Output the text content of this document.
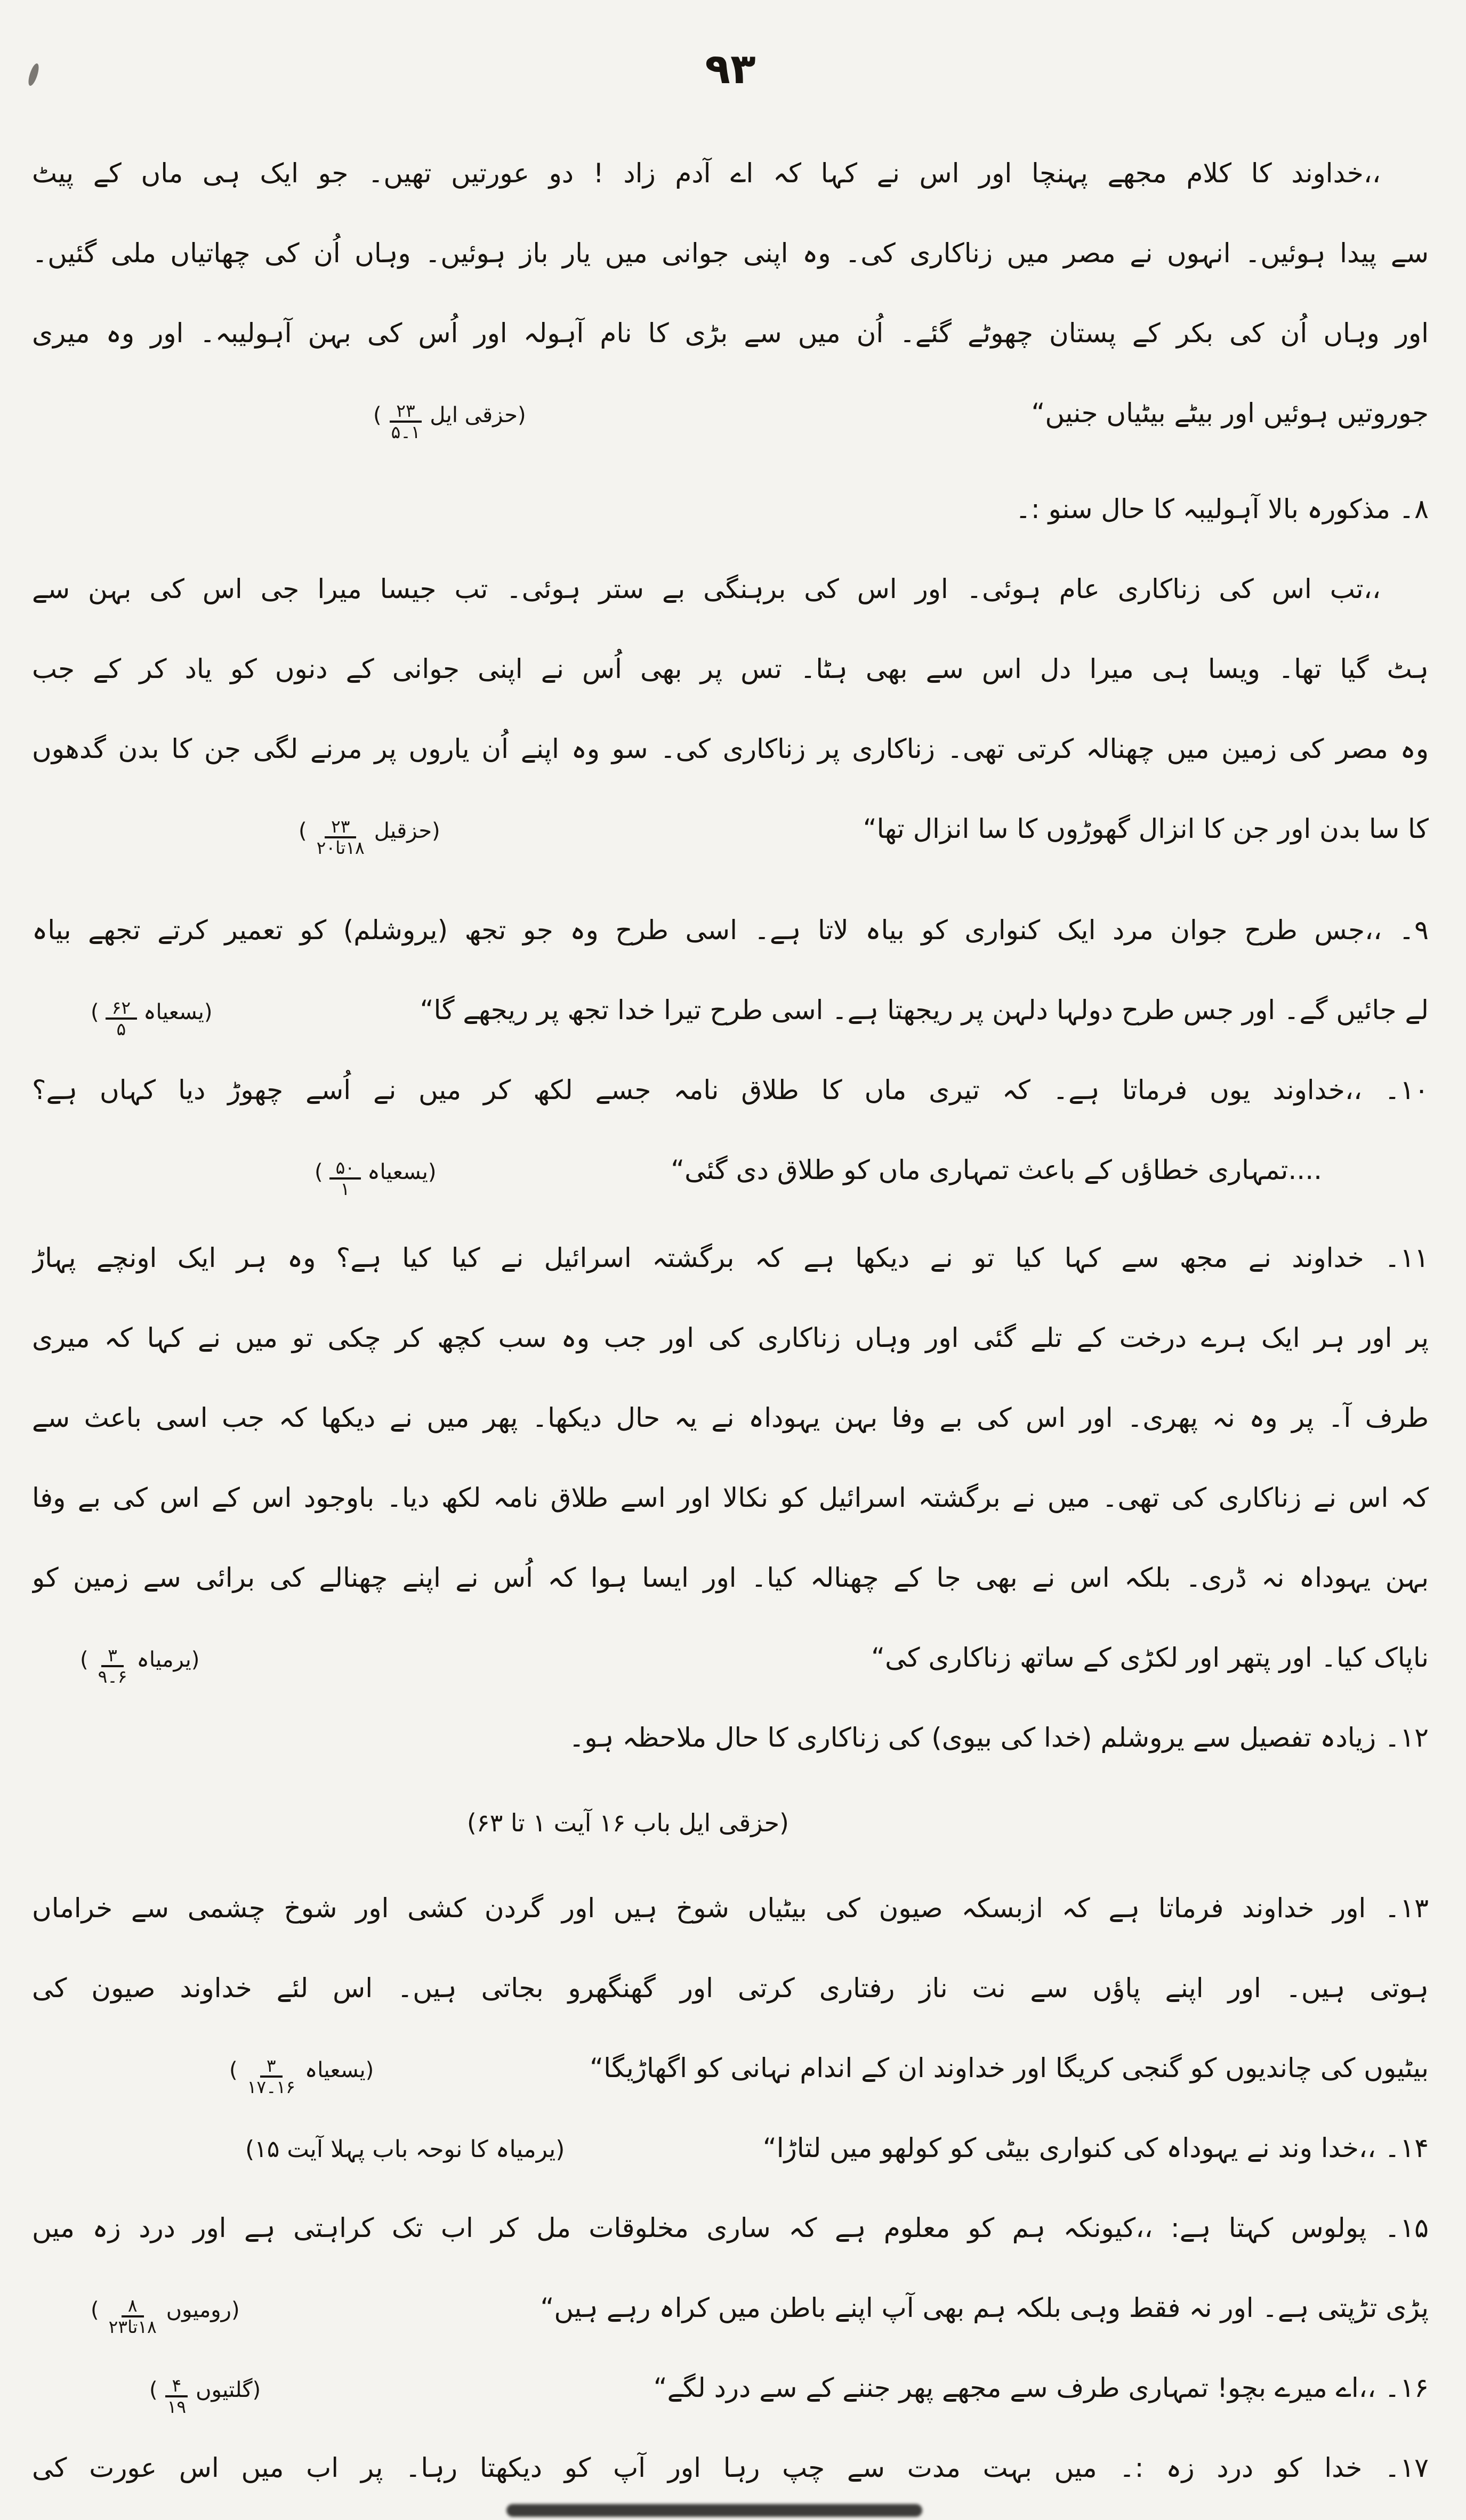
۹۳
،،خداوند کا کلام مجھے پہنچا اور اس نے کہا کہ اے آدم زاد ! دو عورتیں تھیں۔ جو ایک ہی ماں کے پیٹ
سے پیدا ہوئیں۔ انہوں نے مصر میں زناکاری کی۔ وہ اپنی جوانی میں یار باز ہوئیں۔ وہاں اُن کی چھاتیاں ملی گئیں۔
اور وہاں اُن کی بکر کے پستان چھوٹے گئے۔ اُن میں سے بڑی کا نام آہولہ اور اُس کی بہن آہولیبہ۔ اور وہ میری
جوروتیں ہوئیں اور بیٹے بیٹیاں جنیں“
(حزقی ایل
$\frac{۲۳}{۱۔۵}$
)
۸۔ مذکورہ بالا آہولیبہ کا حال سنو :۔
،،تب اس کی زناکاری عام ہوئی۔ اور اس کی برہنگی بے ستر ہوئی۔ تب جیسا میرا جی اس کی بہن سے
ہٹ گیا تھا۔ ویسا ہی میرا دل اس سے بھی ہٹا۔ تس پر بھی اُس نے اپنی جوانی کے دنوں کو یاد کر کے جب
وہ مصر کی زمین میں چھنالہ کرتی تھی۔ زناکاری پر زناکاری کی۔ سو وہ اپنے اُن یاروں پر مرنے لگی جن کا بدن گدھوں
کا سا بدن اور جن کا انزال گھوڑوں کا سا انزال تھا“
(حزقیل
$\frac{۲۳}{\text{۱۸تا۲۰}}$
)
۹۔ ،،جس طرح جوان مرد ایک کنواری کو بیاہ لاتا ہے۔ اسی طرح وہ جو تجھ (یروشلم) کو تعمیر کرتے تجھے بیاہ
لے جائیں گے۔ اور جس طرح دولہا دلہن پر ریجھتا ہے۔ اسی طرح تیرا خدا تجھ پر ریجھے گا“
(یسعیاہ
$\frac{۶۲}{۵}$
)
۱۰۔ ،،خداوند یوں فرماتا ہے۔ کہ تیری ماں کا طلاق نامہ جسے لکھ کر میں نے اُسے چھوڑ دیا کہاں ہے؟
....تمہاری خطاؤں کے باعث تمہاری ماں کو طلاق دی گئی“
(یسعیاہ
$\frac{۵۰}{۱}$
)
۱۱۔ خداوند نے مجھ سے کہا کیا تو نے دیکھا ہے کہ برگشتہ اسرائیل نے کیا کیا ہے؟ وہ ہر ایک اونچے پہاڑ
پر اور ہر ایک ہرے درخت کے تلے گئی اور وہاں زناکاری کی اور جب وہ سب کچھ کر چکی تو میں نے کہا کہ میری
طرف آ۔ پر وہ نہ پھری۔ اور اس کی بے وفا بہن یہوداہ نے یہ حال دیکھا۔ پھر میں نے دیکھا کہ جب اسی باعث سے
کہ اس نے زناکاری کی تھی۔ میں نے برگشتہ اسرائیل کو نکالا اور اسے طلاق نامہ لکھ دیا۔ باوجود اس کے اس کی بے وفا
بہن یہوداہ نہ ڈری۔ بلکہ اس نے بھی جا کے چھنالہ کیا۔ اور ایسا ہوا کہ اُس نے اپنے چھنالے کی برائی سے زمین کو
ناپاک کیا۔ اور پتھر اور لکڑی کے ساتھ زناکاری کی“
(یرمیاہ
$\frac{۳}{۶۔۹}$
)
۱۲۔ زیادہ تفصیل سے یروشلم (خدا کی بیوی) کی زناکاری کا حال ملاحظہ ہو۔
(حزقی ایل باب ۱۶ آیت ۱ تا ۶۳)
۱۳۔ اور خداوند فرماتا ہے کہ ازبسکہ صیون کی بیٹیاں شوخ ہیں اور گردن کشی اور شوخ چشمی سے خراماں
ہوتی ہیں۔ اور اپنے پاؤں سے نت ناز رفتاری کرتی اور گھنگھرو بجاتی ہیں۔ اس لئے خداوند صیون کی
بیٹیوں کی چاندیوں کو گنجی کریگا اور خداوند ان کے اندام نہانی کو اگھاڑیگا“
(یسعیاہ
$\frac{۳}{۱۶۔۱۷}$
)
۱۴۔ ،،خدا وند نے یہوداہ کی کنواری بیٹی کو کولھو میں لتاڑا“
(یرمیاہ کا نوحہ باب پہلا آیت ۱۵)
۱۵۔ پولوس کہتا ہے: ،،کیونکہ ہم کو معلوم ہے کہ ساری مخلوقات مل کر اب تک کراہتی ہے اور درد زہ میں
پڑی تڑپتی ہے۔ اور نہ فقط وہی بلکہ ہم بھی آپ اپنے باطن میں کراہ رہے ہیں“
(رومیوں
$\frac{۸}{\text{۱۸تا۲۳}}$
)
۱۶۔ ،،اے میرے بچو! تمہاری طرف سے مجھے پھر جننے کے سے درد لگے“
(گلتیوں
$\frac{۴}{۱۹}$
)
۱۷۔ خدا کو درد زہ :۔ میں بہت مدت سے چپ رہا اور آپ کو دیکھتا رہا۔ پر اب میں اس عورت کی
